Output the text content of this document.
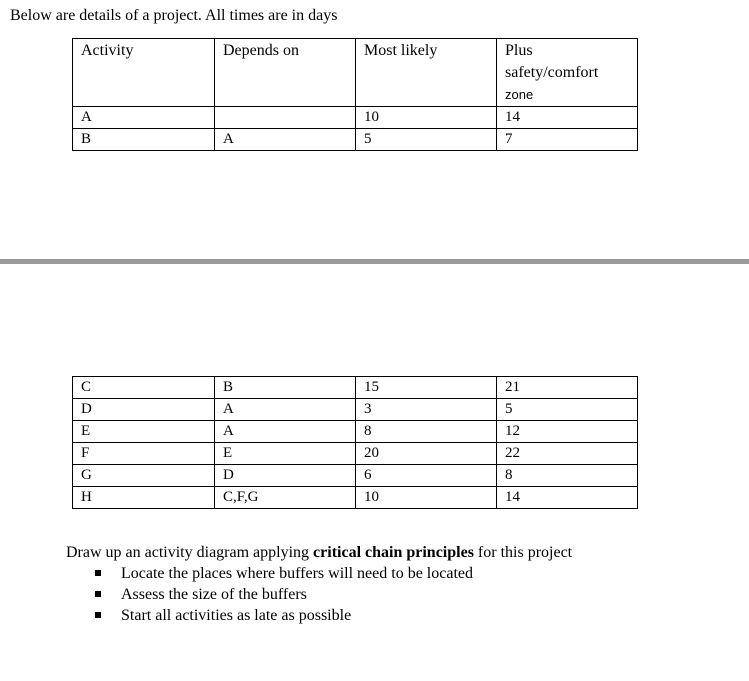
Below are details of a project. All times are in days
Activity	Depends on	Most likely	Plus
safety/comfort
zone

A		10	14
B	A	5	7
C	B	15	21
D	A	3	5
E	A	8	12
F	E	20	22
G	D	6	8
H	C,F,G	10	14

Draw up an activity diagram applying critical chain principles for this project

Locate the places where buffers will need to be located
Assess the size of the buffers
Start all activities as late as possible
